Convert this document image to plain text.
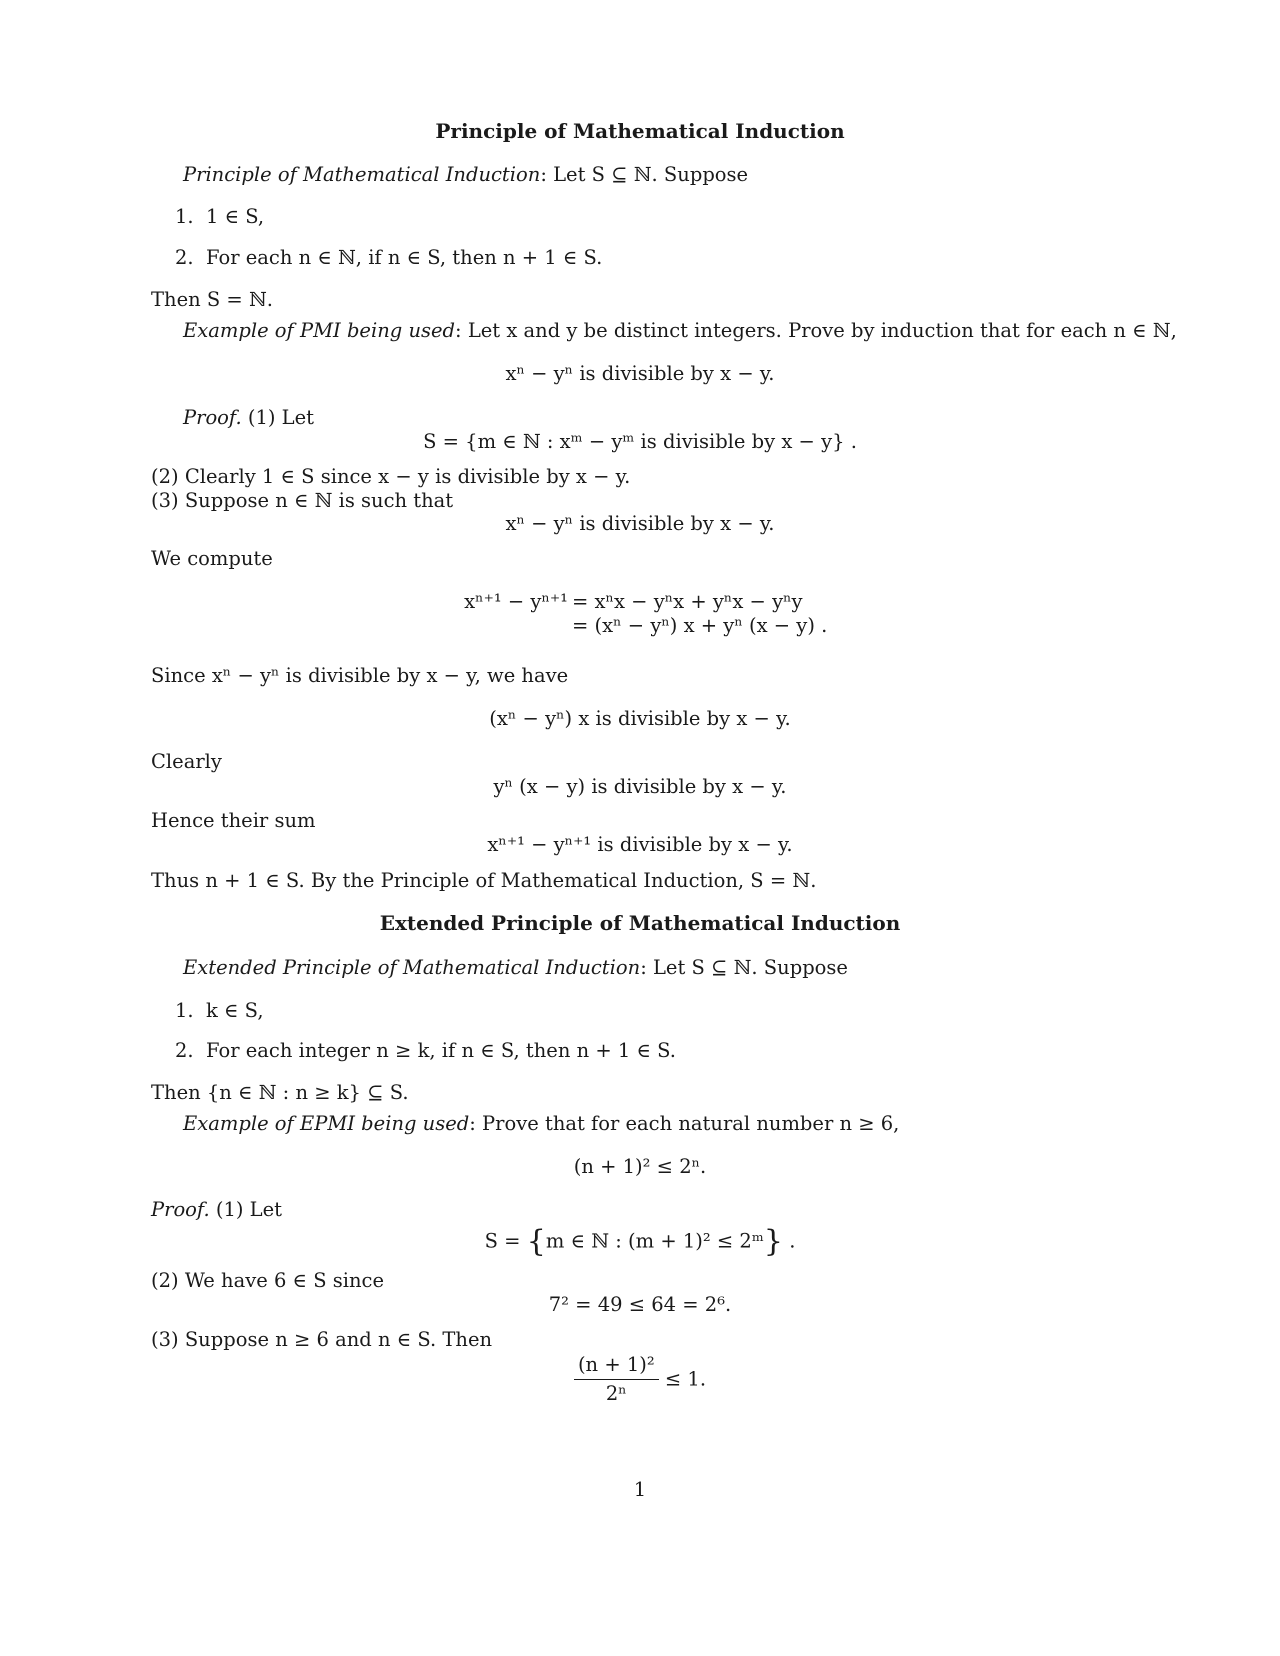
Principle of Mathematical Induction
Principle of Mathematical Induction: Let S ⊆ ℕ. Suppose
1. 1 ∈ S,
2. For each n ∈ ℕ, if n ∈ S, then n + 1 ∈ S.
Then S = ℕ.
Example of PMI being used: Let x and y be distinct integers. Prove by induction that for each n ∈ ℕ,
xⁿ − yⁿ is divisible by x − y.
Proof. (1) Let
S = {m ∈ ℕ : xᵐ − yᵐ is divisible by x − y} .
(2) Clearly 1 ∈ S since x − y is divisible by x − y.
(3) Suppose n ∈ ℕ is such that
xⁿ − yⁿ is divisible by x − y.
We compute
xⁿ⁺¹ − yⁿ⁺¹ = xⁿx − yⁿx + yⁿx − yⁿy
= (xⁿ − yⁿ) x + yⁿ (x − y) .
Since xⁿ − yⁿ is divisible by x − y, we have
(xⁿ − yⁿ) x is divisible by x − y.
Clearly
yⁿ (x − y) is divisible by x − y.
Hence their sum
xⁿ⁺¹ − yⁿ⁺¹ is divisible by x − y.
Thus n + 1 ∈ S. By the Principle of Mathematical Induction, S = ℕ.
Extended Principle of Mathematical Induction
Extended Principle of Mathematical Induction: Let S ⊆ ℕ. Suppose
1. k ∈ S,
2. For each integer n ≥ k, if n ∈ S, then n + 1 ∈ S.
Then {n ∈ ℕ : n ≥ k} ⊆ S.
Example of EPMI being used: Prove that for each natural number n ≥ 6,
(n + 1)² ≤ 2ⁿ.
Proof. (1) Let
S = {m ∈ ℕ : (m + 1)² ≤ 2ᵐ} .
(2) We have 6 ∈ S since
7² = 49 ≤ 64 = 2⁶.
(3) Suppose n ≥ 6 and n ∈ S. Then
$\frac{\text{(n + 1)²}}{\text{2ⁿ}} \le 1$.
1
